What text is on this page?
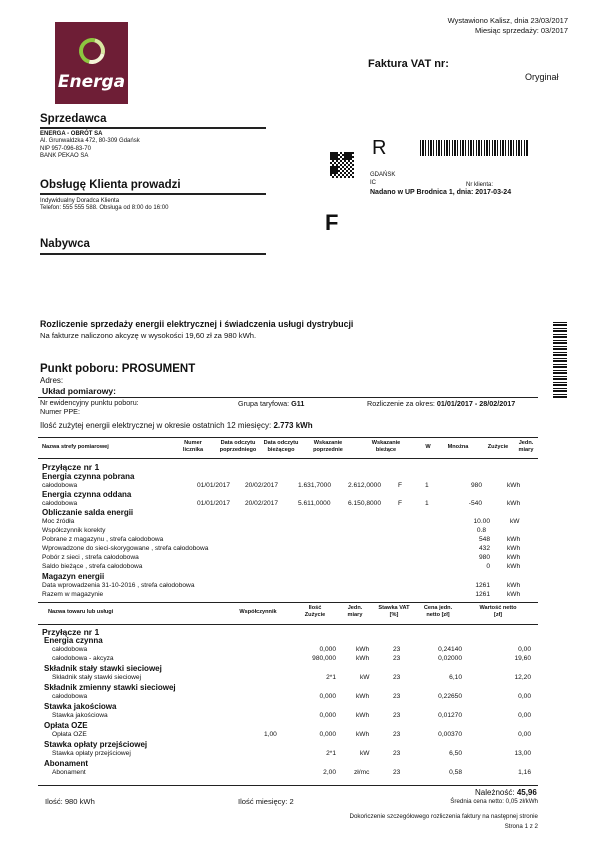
Wystawiono Kalisz, dnia 23/03/2017
Miesiąc sprzedaży: 03/2017
Faktura VAT nr:
Oryginał
Energa
Sprzedawca
ENERGA - OBRÓT SA
Al. Grunwaldzka 472, 80-309 Gdańsk
NIP 957-096-83-70
BANK PEKAO SA
Obsługę Klienta prowadzi
Indywidualny Doradca Klienta
Telefon: 555 555 588. Obsługa od 8:00 do 16:00
Nabywca
R
GDAŃSK
IC	Nr klienta:
Nadano w UP Brodnica 1, dnia: 2017-03-24
F
Rozliczenie sprzedaży energii elektrycznej i świadczenia usługi dystrybucji
Na fakturze naliczono akcyzę w wysokości 19,60 zł za 980 kWh.
Punkt poboru: PROSUMENT
Adres:
Układ pomiarowy:
Nr ewidencyjny punktu poboru:
Numer PPE:
Grupa taryfowa: G11	Rozliczenie za okres: 01/01/2017 - 28/02/2017
Ilość zużytej energii elektrycznej w okresie ostatnich 12 miesięcy: 2.773 kWh
Nazwa strefy pomiarowej
Numer licznika
Data odczytu poprzedniego
Data odczytu bieżącego
Wskazanie poprzednie
Wskazanie bieżące	W	Mnożna	Zużycie
Jedn. miary
Przyłącze nr 1
Energia czynna pobrana
całodobowa	01/01/2017 20/02/2017	1.631,7000	2.612,0000	F	1	980	kWh
Energia czynna oddana
całodobowa	01/01/2017 20/02/2017	5.611,0000	6.150,8000	F	1	-540	kWh
Obliczanie salda energii
Moc źródła	10.00	kW
Współczynnik korekty	0.8
Pobrane z magazynu , strefa całodobowa	548	kWh
Wprowadzone do sieci-skorygowane , strefa całodobowa	432	kWh
Pobór z sieci , strefa całodobowa	980	kWh
Saldo bieżące , strefa całodobowa	0	kWh
Magazyn energii
Data wprowadzenia 31-10-2016 , strefa całodobowa	1261	kWh
Razem w magazynie	1261	kWh
Nazwa towaru lub usługi	Współczynnik
Ilość Zużycie
Jedn. miary
Stawka VAT [%]
Cena jedn. netto [zł]
Wartość netto [zł]
Przyłącze nr 1
Energia czynna
całodobowa	0,000	kWh	23	0,24140	0,00
całodobowa - akcyza	980,000	kWh	23	0,02000	19,60
Składnik stały stawki sieciowej
Składnik stały stawki sieciowej	2*1	kW	23	6,10	12,20
Składnik zmienny stawki sieciowej
całodobowa	0,000	kWh	23	0,22650	0,00
Stawka jakościowa
Stawka jakościowa	0,000	kWh	23	0,01270	0,00
Opłata OZE
Opłata OZE	1,00	0,000	kWh	23	0,00370	0,00
Stawka opłaty przejściowej
Stawka opłaty przejściowej	2*1	kW	23	6,50	13,00
Abonament
Abonament	2,00	zł/mc	23	0,58	1,16
Należność: 45,96
Ilość: 980 kWh	Ilość miesięcy: 2	Średnia cena netto: 0,05 zł/kWh
Dokończenie szczegółowego rozliczenia faktury na następnej stronie
Strona 1 z 2
